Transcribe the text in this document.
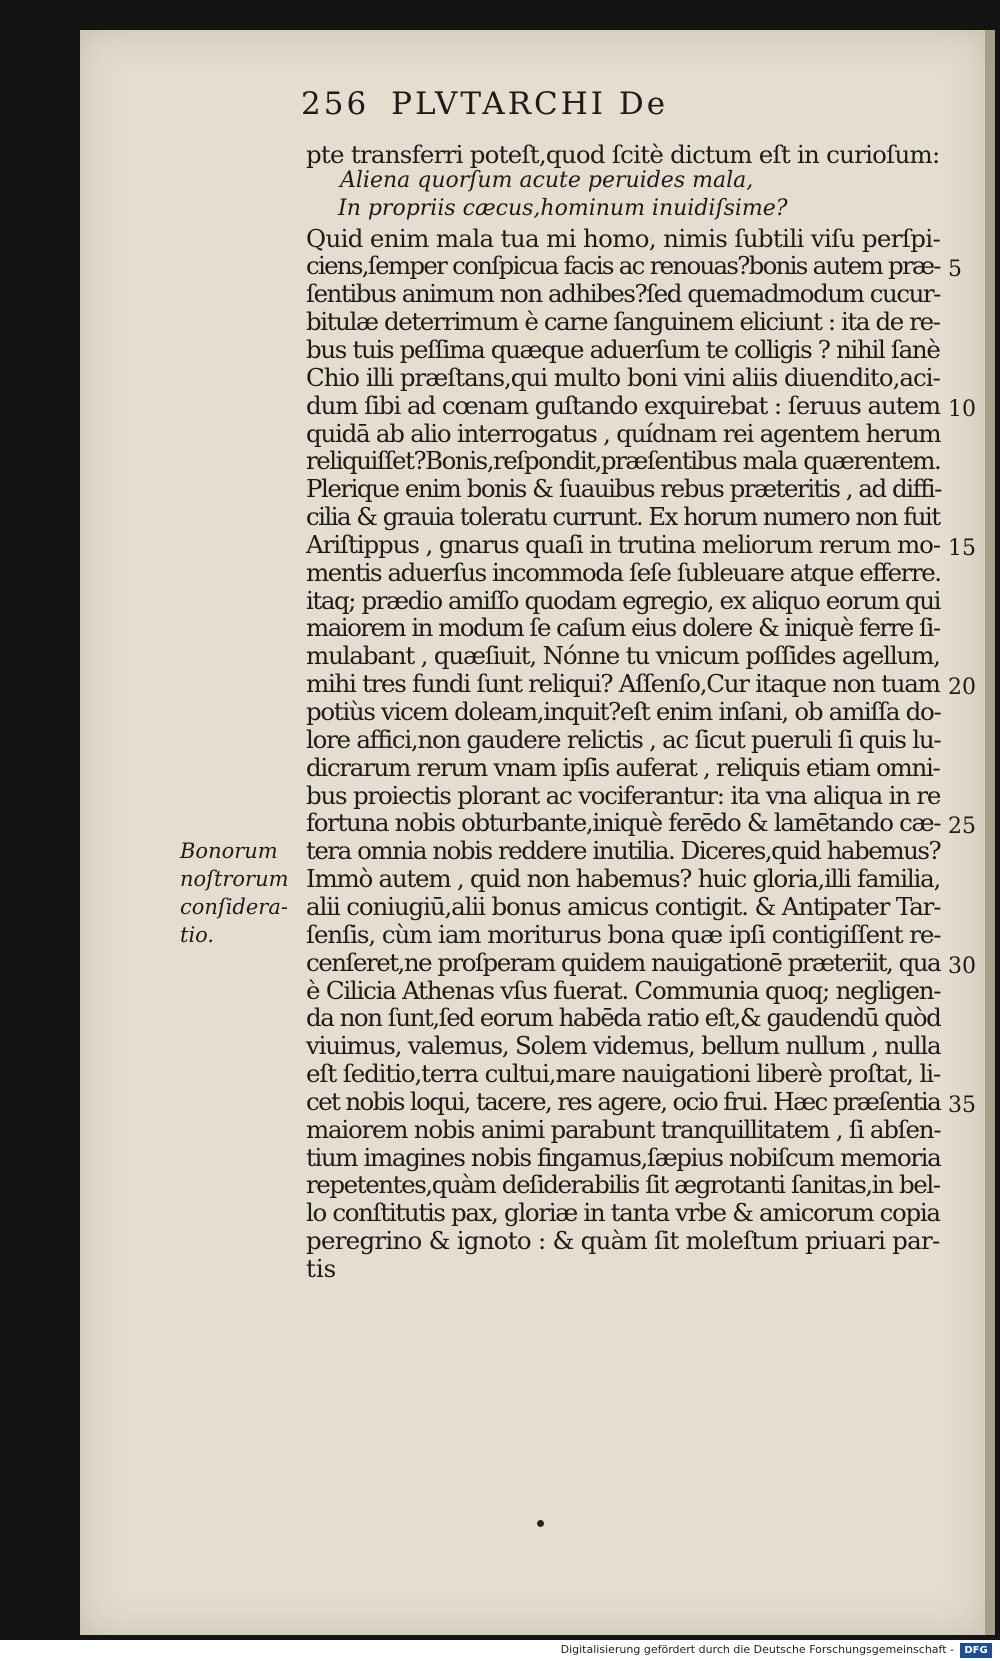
256 PLVTARCHI De
pte transferri poteſt,quod ſcitè dictum eſt in curioſum:
Aliena quorſum acute peruides mala,
In propriis cæcus,hominum inuidiſsime?
Quid enim mala tua mi homo, nimis ſubtili viſu perſpi-
ciens,ſemper conſpicua facis ac renouas?bonis autem præ-
ſentibus animum non adhibes?ſed quemadmodum cucur-
bitulæ deterrimum è carne ſanguinem eliciunt : ita de re-
bus tuis peſſima quæque aduerſum te colligis ? nihil ſanè
Chio illi præſtans,qui multo boni vini aliis diuendito,aci-
dum ſibi ad cœnam guſtando exquirebat : ſeruus autem
quidā ab alio interrogatus , quídnam rei agentem herum
reliquiſſet?Bonis,reſpondit,præſentibus mala quærentem.
Plerique enim bonis & ſuauibus rebus præteritis , ad diffi-
cilia & grauia toleratu currunt. Ex horum numero non fuit
Ariſtippus , gnarus quaſi in trutina meliorum rerum mo-
mentis aduerſus incommoda ſeſe ſubleuare atque efferre.
itaq; prædio amiſſo quodam egregio, ex aliquo eorum qui
maiorem in modum ſe caſum eius dolere & iniquè ferre ſi-
mulabant , quæſiuit, Nónne tu vnicum poſſides agellum,
mihi tres fundi ſunt reliqui? Aſſenſo,Cur itaque non tuam
potiùs vicem doleam,inquit?eſt enim inſani, ob amiſſa do-
lore affici,non gaudere relictis , ac ſicut pueruli ſi quis lu-
dicrarum rerum vnam ipſis auferat , reliquis etiam omni-
bus proiectis plorant ac vociferantur: ita vna aliqua in re
fortuna nobis obturbante,iniquè ferēdo & lamētando cæ-
tera omnia nobis reddere inutilia. Diceres,quid habemus?
Immò autem , quid non habemus? huic gloria,illi familia,
alii coniugiū,alii bonus amicus contigit. & Antipater Tar-
ſenſis, cùm iam moriturus bona quæ ipſi contigiſſent re-
cenſeret,ne proſperam quidem nauigationē præteriit, qua
è Cilicia Athenas vſus fuerat. Communia quoq; negligen-
da non ſunt,ſed eorum habēda ratio eſt,& gaudendū quòd
viuimus, valemus, Solem videmus, bellum nullum , nulla
eſt ſeditio,terra cultui,mare nauigationi liberè proſtat, li-
cet nobis loqui, tacere, res agere, ocio frui. Hæc præſentia
maiorem nobis animi parabunt tranquillitatem , ſi abſen-
tium imagines nobis fingamus,ſæpius nobiſcum memoria
repetentes,quàm deſiderabilis ſit ægrotanti ſanitas,in bel-
lo conſtitutis pax, gloriæ in tanta vrbe & amicorum copia
peregrino & ignoto : & quàm ſit moleſtum priuari par-
tis
Bonorum
noſtrorum
conſidera-
tio.
5
10
15
20
25
30
35
Digitalisierung gefördert durch die Deutsche Forschungsgemeinschaft -	DFG
